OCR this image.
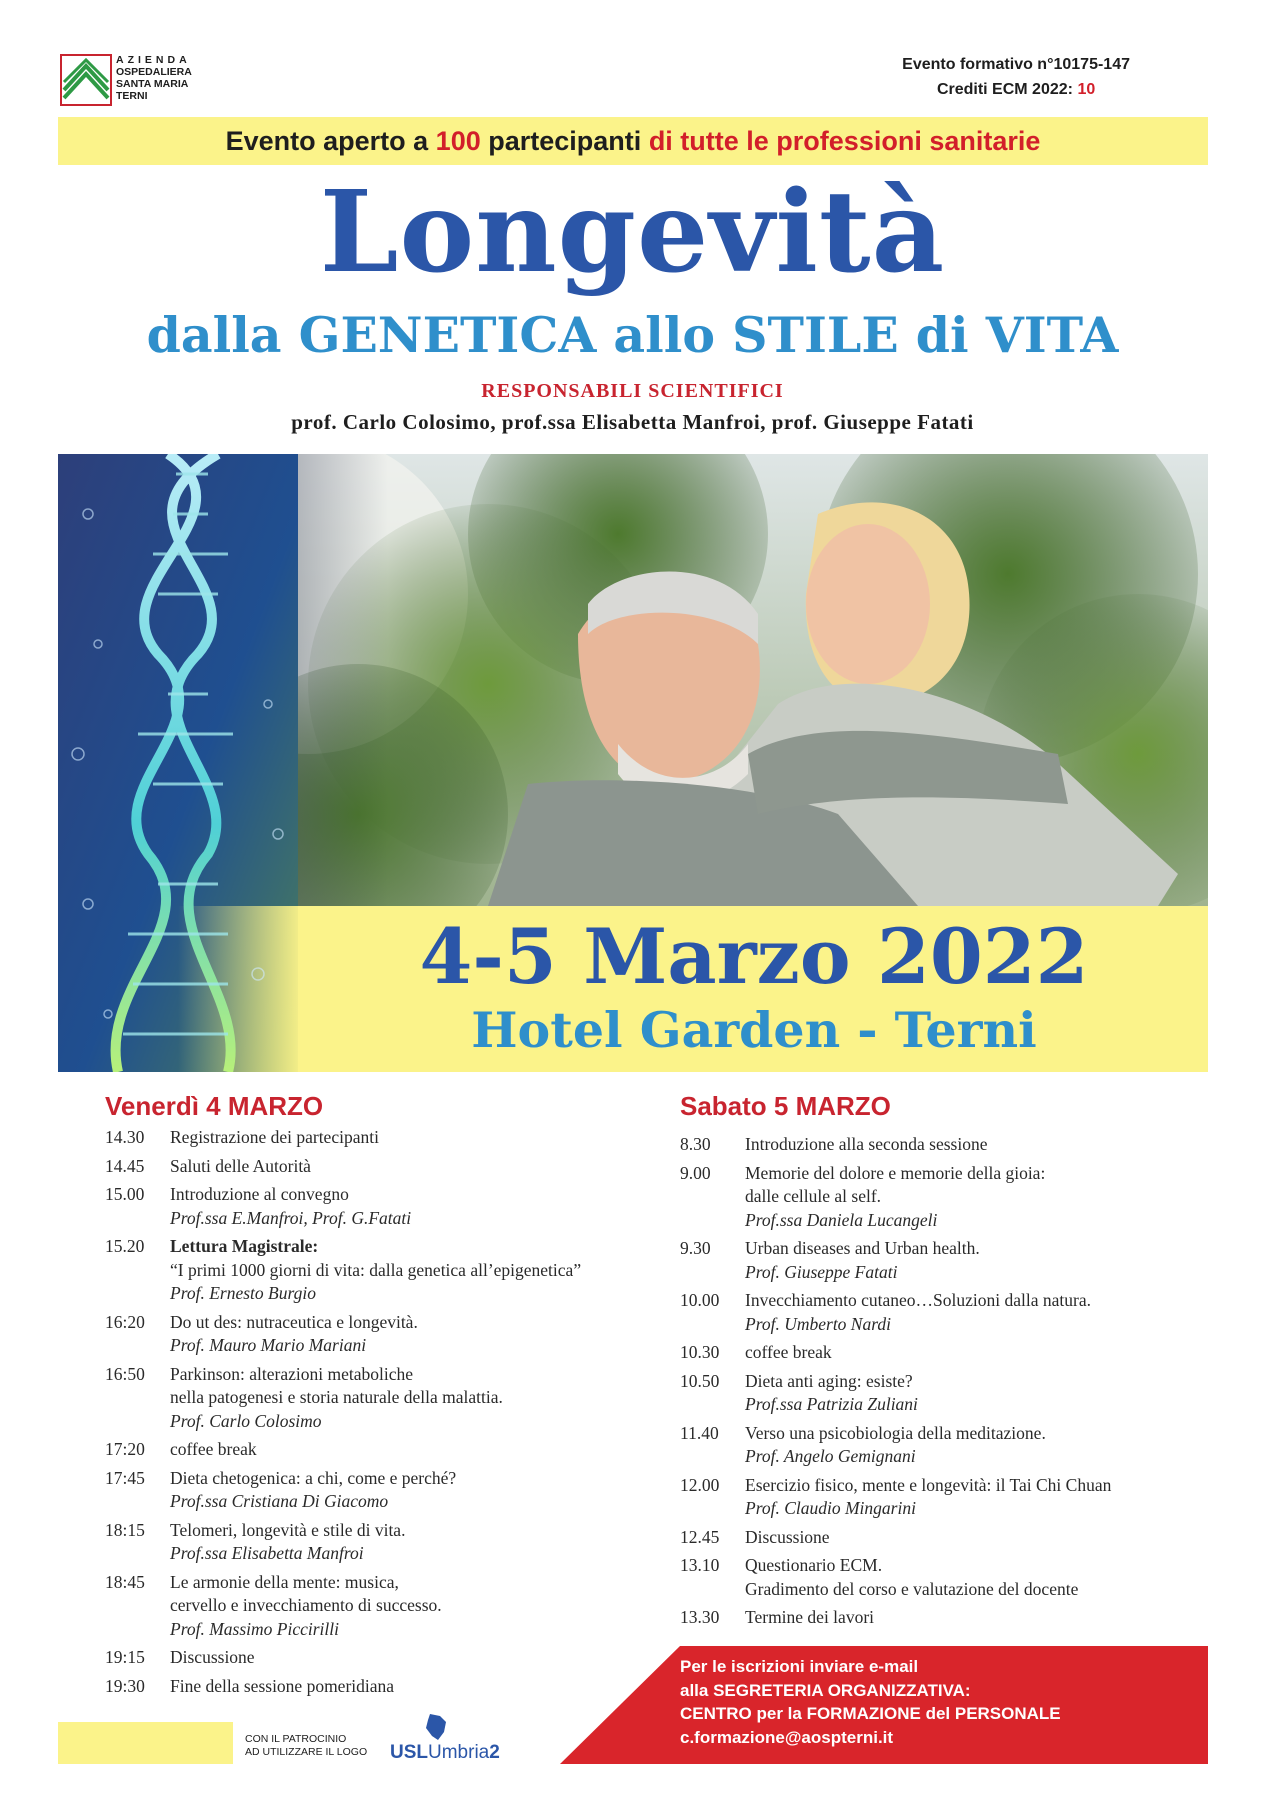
AZIENDA
OSPEDALIERA
SANTA MARIA
TERNI
Evento formativo n°10175-147
Crediti ECM 2022: 10
Evento aperto a 100 partecipanti di tutte le professioni sanitarie
Longevità
dalla GENETICA allo STILE di VITA
RESPONSABILI SCIENTIFICI
prof. Carlo Colosimo, prof.ssa Elisabetta Manfroi, prof. Giuseppe Fatati
4-5 Marzo 2022
Hotel Garden - Terni
Venerdì 4 MARZO
14.30	Registrazione dei partecipanti
14.45	Saluti delle Autorità
15.00	Introduzione al convegno
Prof.ssa E.Manfroi, Prof. G.Fatati
15.20	Lettura Magistrale:
“I primi 1000 giorni di vita: dalla genetica all’epigenetica”
Prof. Ernesto Burgio
16:20	Do ut des: nutraceutica e longevità.
Prof. Mauro Mario Mariani
16:50	Parkinson: alterazioni metaboliche
nella patogenesi e storia naturale della malattia.
Prof. Carlo Colosimo
17:20	coffee break
17:45	Dieta chetogenica: a chi, come e perché?
Prof.ssa Cristiana Di Giacomo
18:15	Telomeri, longevità e stile di vita.
Prof.ssa Elisabetta Manfroi
18:45	Le armonie della mente: musica,
cervello e invecchiamento di successo.
Prof. Massimo Piccirilli
19:15	Discussione
19:30	Fine della sessione pomeridiana
Sabato 5 MARZO
8.30	Introduzione alla seconda sessione
9.00	Memorie del dolore e memorie della gioia:
dalle cellule al self.
Prof.ssa Daniela Lucangeli
9.30	Urban diseases and Urban health.
Prof. Giuseppe Fatati
10.00	Invecchiamento cutaneo…Soluzioni dalla natura.
Prof. Umberto Nardi
10.30	coffee break
10.50	Dieta anti aging: esiste?
Prof.ssa Patrizia Zuliani
11.40	Verso una psicobiologia della meditazione.
Prof. Angelo Gemignani
12.00	Esercizio fisico, mente e longevità: il Tai Chi Chuan
Prof. Claudio Mingarini
12.45	Discussione
13.10	Questionario ECM.
Gradimento del corso e valutazione del docente
13.30	Termine dei lavori
CON IL PATROCINIO
AD UTILIZZARE IL LOGO USLUmbria2
Per le iscrizioni inviare e-mail
alla SEGRETERIA ORGANIZZATIVA:
CENTRO per la FORMAZIONE del PERSONALE
c.formazione@aospterni.it
